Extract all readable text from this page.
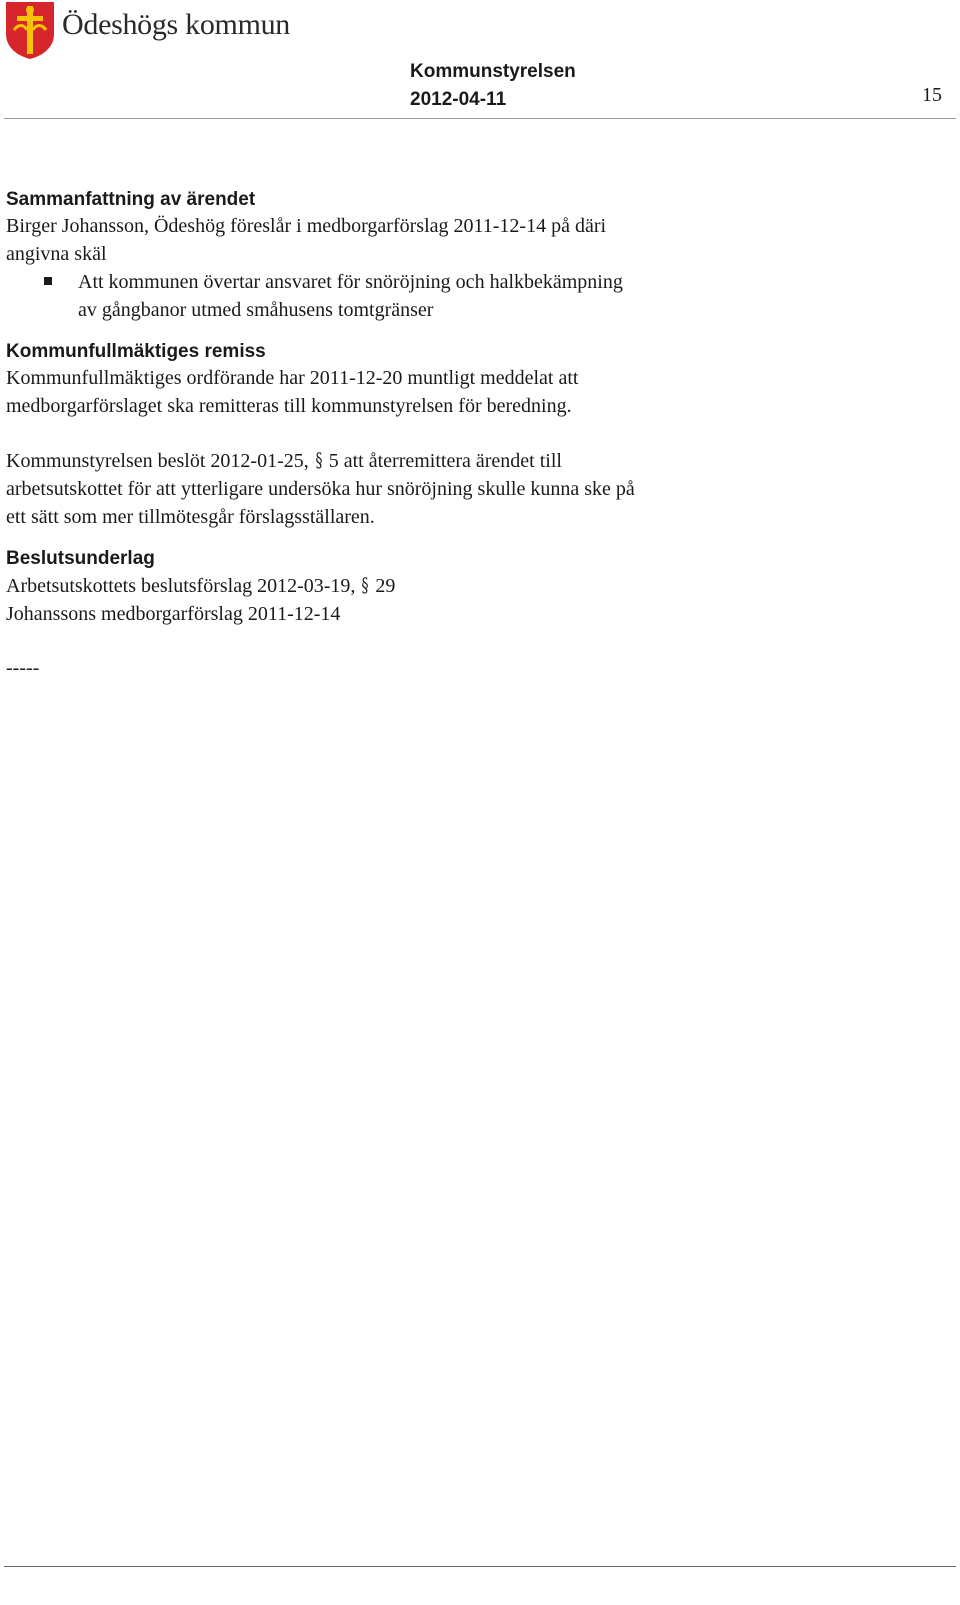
Ödeshögs kommun
Kommunstyrelsen
2012-04-11	15
Sammanfattning av ärendet

Birger Johansson, Ödeshög föreslår i medborgarförslag 2011-12-14 på däri

angivna skäl

Att kommunen övertar ansvaret för snöröjning och halkbekämpning
av gångbanor utmed småhusens tomtgränser
Kommunfullmäktiges remiss

Kommunfullmäktiges ordförande har 2011-12-20 muntligt meddelat att

medborgarförslaget ska remitteras till kommunstyrelsen för beredning.

Kommunstyrelsen beslöt 2012-01-25, § 5 att återremittera ärendet till

arbetsutskottet för att ytterligare undersöka hur snöröjning skulle kunna ske på

ett sätt som mer tillmötesgår förslagsställaren.

Beslutsunderlag

Arbetsutskottets beslutsförslag 2012-03-19, § 29

Johanssons medborgarförslag 2011-12-14

-----
